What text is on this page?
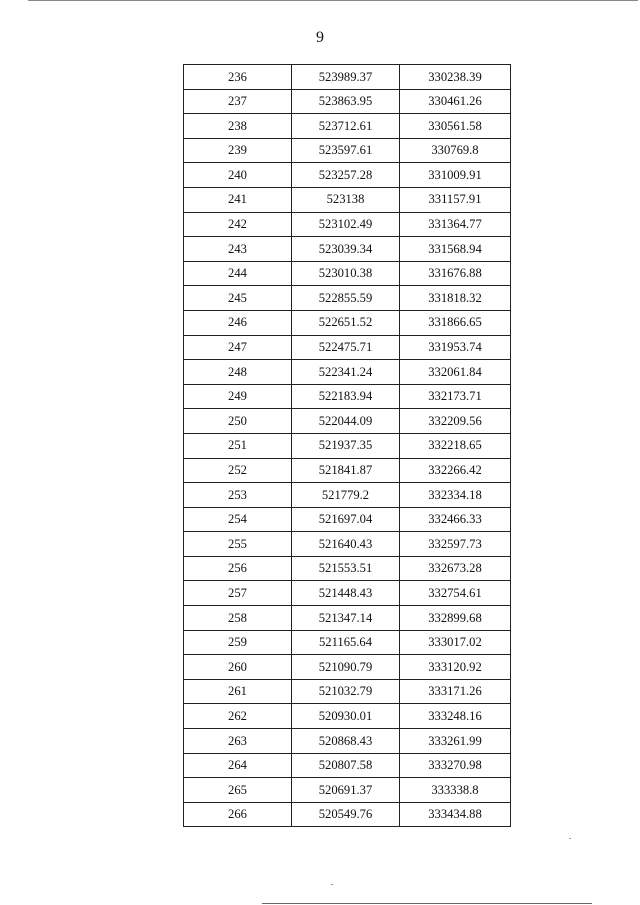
9
236	523989.37	330238.39
237	523863.95	330461.26
238	523712.61	330561.58
239	523597.61	330769.8
240	523257.28	331009.91
241	523138	331157.91
242	523102.49	331364.77
243	523039.34	331568.94
244	523010.38	331676.88
245	522855.59	331818.32
246	522651.52	331866.65
247	522475.71	331953.74
248	522341.24	332061.84
249	522183.94	332173.71
250	522044.09	332209.56
251	521937.35	332218.65
252	521841.87	332266.42
253	521779.2	332334.18
254	521697.04	332466.33
255	521640.43	332597.73
256	521553.51	332673.28
257	521448.43	332754.61
258	521347.14	332899.68
259	521165.64	333017.02
260	521090.79	333120.92
261	521032.79	333171.26
262	520930.01	333248.16
263	520868.43	333261.99
264	520807.58	333270.98
265	520691.37	333338.8
266	520549.76	333434.88
